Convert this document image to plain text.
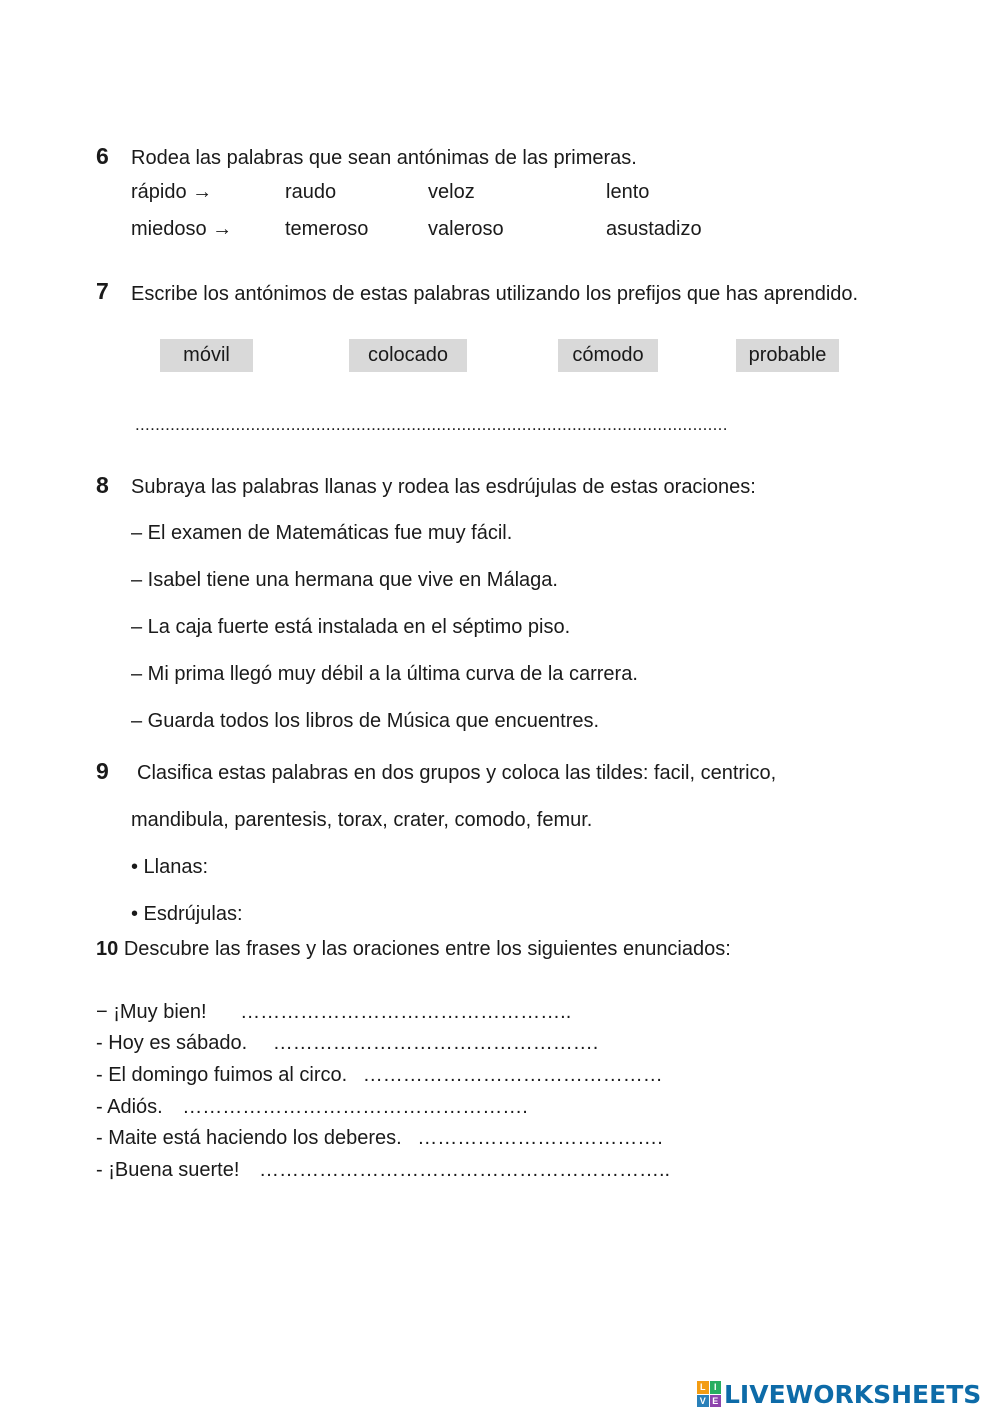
6 Rodea las palabras que sean antónimas de las primeras.
rápido →	raudo	veloz	lento
miedoso →	temeroso	valeroso	asustadizo
7 Escribe los antónimos de estas palabras utilizando los prefijos que has aprendido.
móvil	colocado	cómodo	probable
......................................................................................................................
8 Subraya las palabras llanas y rodea las esdrújulas de estas oraciones:
– El examen de Matemáticas fue muy fácil.
– Isabel tiene una hermana que vive en Málaga.
– La caja fuerte está instalada en el séptimo piso.
– Mi prima llegó muy débil a la última curva de la carrera.
– Guarda todos los libros de Música que encuentres.
9 Clasifica estas palabras en dos grupos y coloca las tildes: facil, centrico,
mandibula, parentesis, torax, crater, comodo, femur.
• Llanas:
• Esdrújulas:
10 Descubre las frases y las oraciones entre los siguientes enunciados:
− ¡Muy bien! …………………………………………..
- Hoy es sábado. ………………………………………….
- El domingo fuimos al circo. ………………………………………
- Adiós. …………………………………………….
- Maite está haciendo los deberes. ……………………………….
- ¡Buena suerte! ……………………………………………………..
L I
V E LIVEWORKSHEETS
